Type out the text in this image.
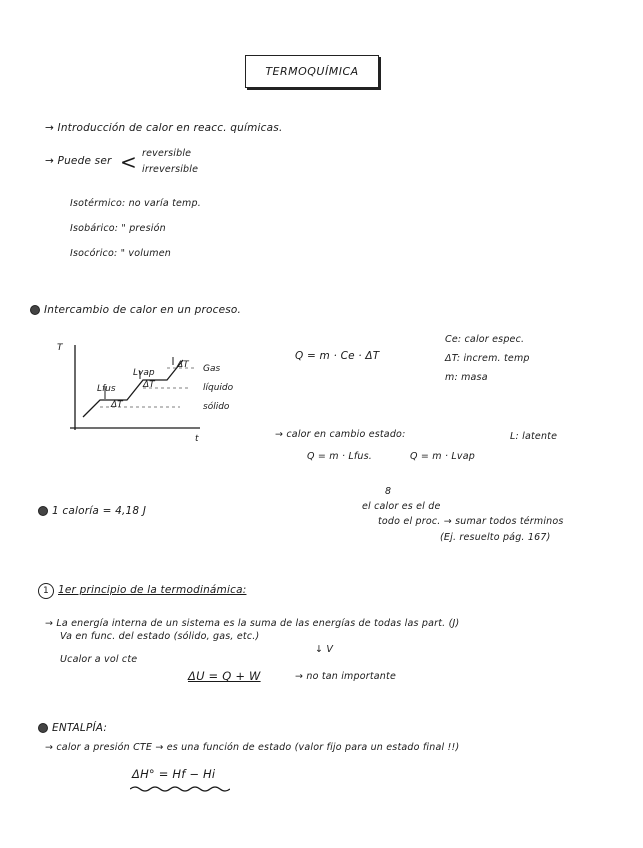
TERMOQUÍMICA
→ Introducción de calor en reacc. químicas.
→ Puede ser < reversible
irreversible
Isotérmico: no varía temp.
Isobárico: " presión
Isocórico: " volumen
Intercambio de calor en un proceso.
T
t
Gas
líquido
sólido
Lvap
Lfus
ΔT
ΔT
ΔT
Q = m · Ce · ΔT
Ce: calor espec.
ΔT: increm. temp
m: masa
→ calor en cambio estado:	L: latente
Q = m · Lfus.	Q = m · Lvap
1 caloría = 4,18 J
8
el calor es el de
todo el proc. → sumar todos términos
(Ej. resuelto pág. 167)
1 1er principio de la termodinámica:
→ La energía interna de un sistema es la suma de las energías de todas las part. (J)
Va en func. del estado (sólido, gas, etc.)
↓ V
Ucalor a vol cte
ΔU = Q + W	→ no tan importante
ENTALPÍA:
→ calor a presión CTE → es una función de estado (valor fijo para un estado final !!)
ΔH° = Hf − Hi
